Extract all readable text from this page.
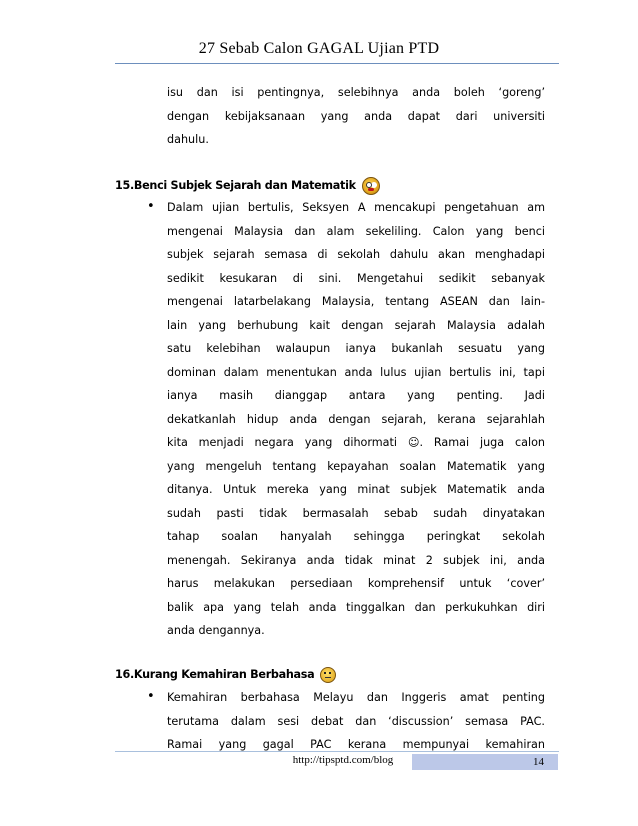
27 Sebab Calon GAGAL Ujian PTD
isu dan isi pentingnya, selebihnya anda boleh ‘goreng’
dengan kebijaksanaan yang anda dapat dari universiti
dahulu.
15.Benci Subjek Sejarah dan Matematik
• Dalam ujian bertulis, Seksyen A mencakupi pengetahuan am
mengenai Malaysia dan alam sekeliling. Calon yang benci
subjek sejarah semasa di sekolah dahulu akan menghadapi
sedikit kesukaran di sini. Mengetahui sedikit sebanyak
mengenai latarbelakang Malaysia, tentang ASEAN dan lain-
lain yang berhubung kait dengan sejarah Malaysia adalah
satu kelebihan walaupun ianya bukanlah sesuatu yang
dominan dalam menentukan anda lulus ujian bertulis ini, tapi
ianya masih dianggap antara yang penting. Jadi
dekatkanlah hidup anda dengan sejarah, kerana sejarahlah
kita menjadi negara yang dihormati ☺. Ramai juga calon
yang mengeluh tentang kepayahan soalan Matematik yang
ditanya. Untuk mereka yang minat subjek Matematik anda
sudah pasti tidak bermasalah sebab sudah dinyatakan
tahap soalan hanyalah sehingga peringkat sekolah
menengah. Sekiranya anda tidak minat 2 subjek ini, anda
harus melakukan persediaan komprehensif untuk ‘cover’
balik apa yang telah anda tinggalkan dan perkukuhkan diri
anda dengannya.
16.Kurang Kemahiran Berbahasa
• Kemahiran berbahasa Melayu dan Inggeris amat penting
terutama dalam sesi debat dan ‘discussion’ semasa PAC.
Ramai yang gagal PAC kerana mempunyai kemahiran
http://tipsptd.com/blog	14
